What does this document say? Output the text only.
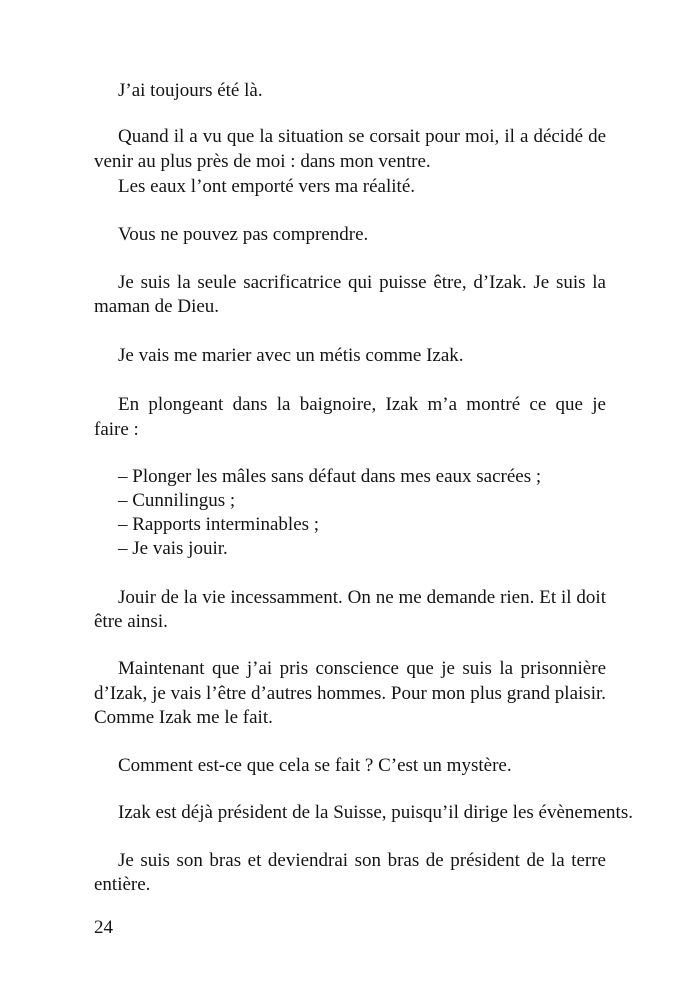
J’ai toujours été là.
Quand il a vu que la situation se corsait pour moi, il a décidé de
venir au plus près de moi : dans mon ventre.
Les eaux l’ont emporté vers ma réalité.
Vous ne pouvez pas comprendre.
Je suis la seule sacrificatrice qui puisse être, d’Izak. Je suis la
maman de Dieu.
Je vais me marier avec un métis comme Izak.
En plongeant dans la baignoire, Izak m’a montré ce que je
faire :
– Plonger les mâles sans défaut dans mes eaux sacrées ;
– Cunnilingus ;
– Rapports interminables ;
– Je vais jouir.
Jouir de la vie incessamment. On ne me demande rien. Et il doit
être ainsi.
Maintenant que j’ai pris conscience que je suis la prisonnière
d’Izak, je vais l’être d’autres hommes. Pour mon plus grand plaisir.
Comme Izak me le fait.
Comment est-ce que cela se fait ? C’est un mystère.
Izak est déjà président de la Suisse, puisqu’il dirige les évènements.
Je suis son bras et deviendrai son bras de président de la terre
entière.
24
